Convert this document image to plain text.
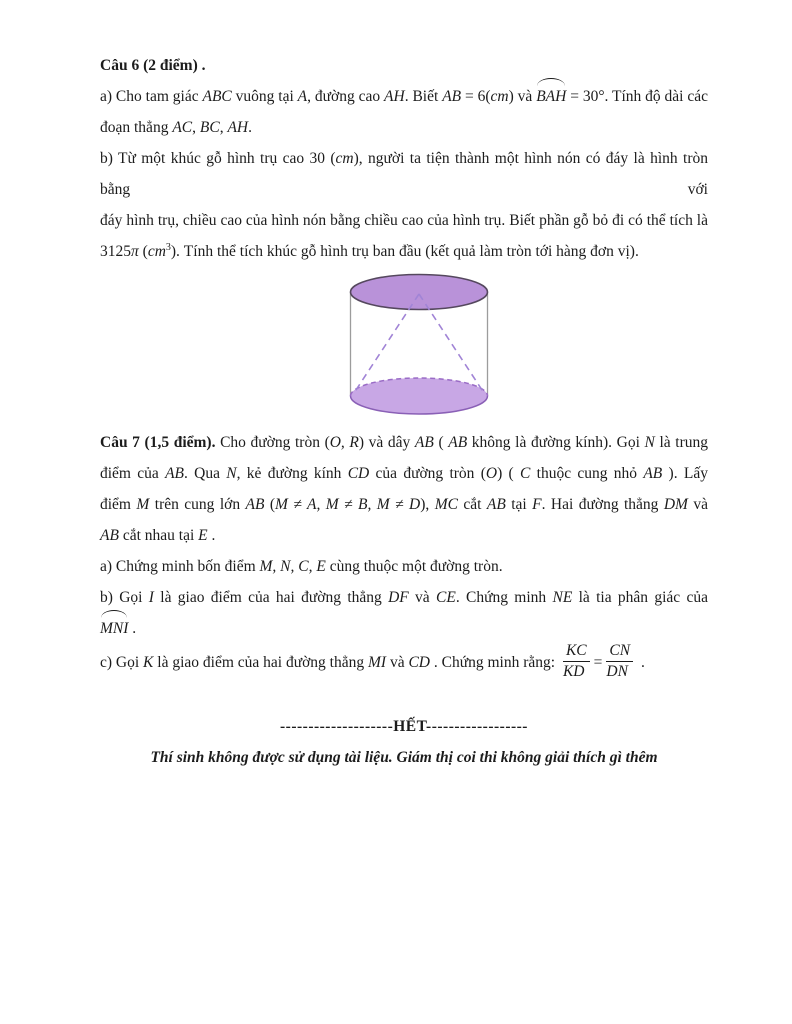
Câu 6 (2 điểm) .
a) Cho tam giác ABC vuông tại A, đường cao AH. Biết AB = 6(cm) và BAH = 30°. Tính độ dài các
đoạn thẳng AC, BC, AH.
b) Từ một khúc gỗ hình trụ cao 30 (cm), người ta tiện thành một hình nón có đáy là hình tròn bằng với
đáy hình trụ, chiều cao của hình nón bằng chiều cao của hình trụ. Biết phần gỗ bỏ đi có thể tích là
3125π $(cm^3)$. Tính thể tích khúc gỗ hình trụ ban đầu (kết quả làm tròn tới hàng đơn vị).
Câu 7 (1,5 điểm). Cho đường tròn (O, R) và dây AB ( AB không là đường kính). Gọi N là trung
điểm của AB. Qua N, kẻ đường kính CD của đường tròn (O) ( C thuộc cung nhỏ AB ). Lấy
điểm M trên cung lớn AB (M ≠ A, M ≠ B, M ≠ D), MC cắt AB tại F. Hai đường thẳng DM và
AB cắt nhau tại E .
a) Chứng minh bốn điểm M, N, C, E cùng thuộc một đường tròn.
b) Gọi I là giao điểm của hai đường thẳng DF và CE. Chứng minh NE là tia phân giác của
MNI .
c) Gọi K là giao điểm của hai đường thẳng MI và CD . Chứng minh rằng: $\frac{KC}{KD} = \frac{CN}{DN}$ .
--------------------HẾT------------------
Thí sinh không được sử dụng tài liệu. Giám thị coi thi không giải thích gì thêm
